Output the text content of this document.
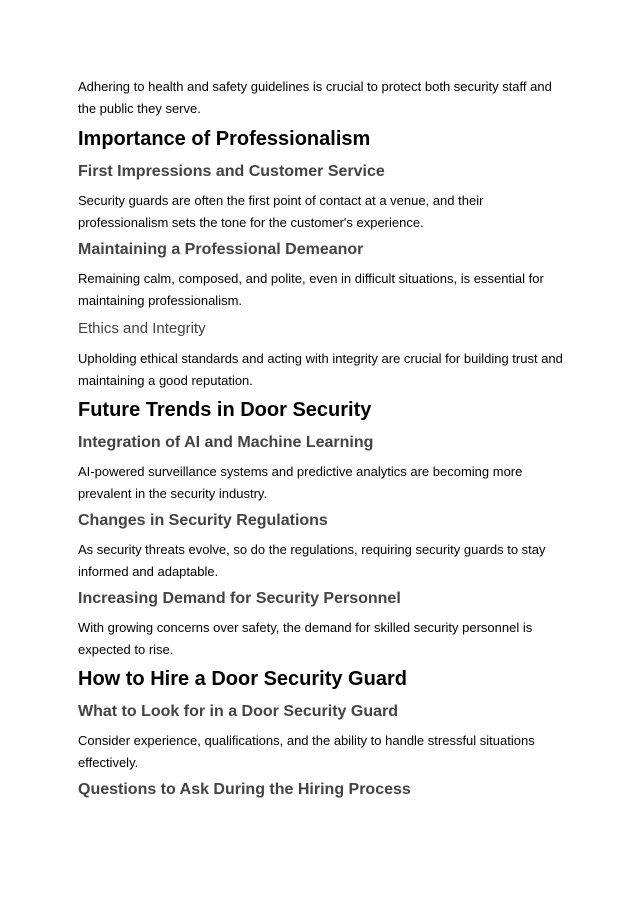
Adhering to health and safety guidelines is crucial to protect both security staff and the public they serve.

Importance of Professionalism
First Impressions and Customer Service

Security guards are often the first point of contact at a venue, and their professionalism sets the tone for the customer's experience.

Maintaining a Professional Demeanor

Remaining calm, composed, and polite, even in difficult situations, is essential for maintaining professionalism.

Ethics and Integrity

Upholding ethical standards and acting with integrity are crucial for building trust and maintaining a good reputation.

Future Trends in Door Security
Integration of AI and Machine Learning

AI-powered surveillance systems and predictive analytics are becoming more prevalent in the security industry.

Changes in Security Regulations

As security threats evolve, so do the regulations, requiring security guards to stay informed and adaptable.

Increasing Demand for Security Personnel

With growing concerns over safety, the demand for skilled security personnel is expected to rise.

How to Hire a Door Security Guard
What to Look for in a Door Security Guard

Consider experience, qualifications, and the ability to handle stressful situations effectively.

Questions to Ask During the Hiring Process
